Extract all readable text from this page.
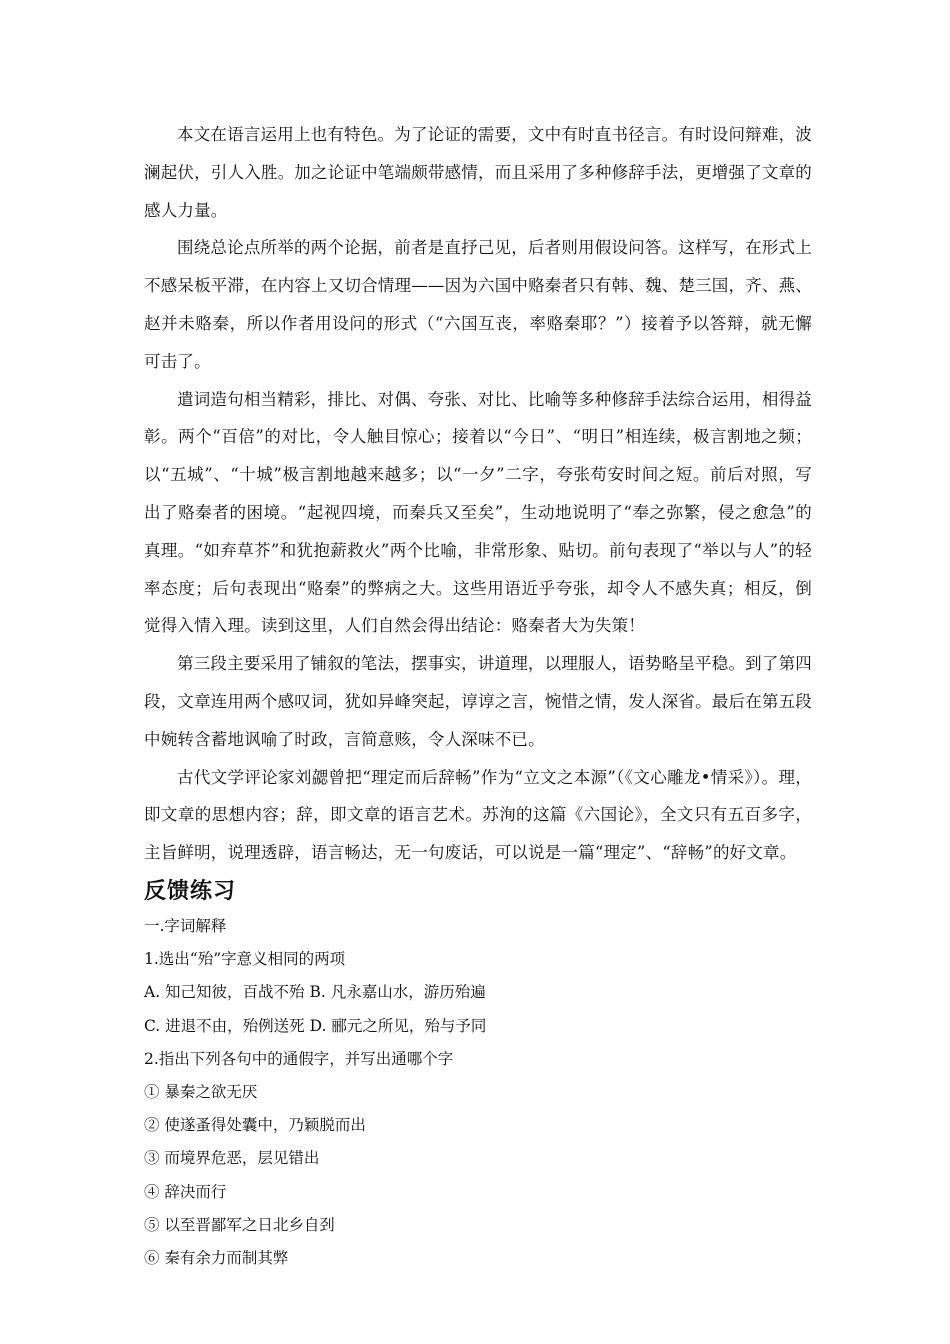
本文在语言运用上也有特色。为了论证的需要，文中有时直书径言。有时设问辩难，波澜起伏，引人入胜。加之论证中笔端颇带感情，而且采用了多种修辞手法，更增强了文章的感人力量。

围绕总论点所举的两个论据，前者是直抒己见，后者则用假设问答。这样写，在形式上不感呆板平滞，在内容上又切合情理——因为六国中赂秦者只有韩、魏、楚三国，齐、燕、赵并未赂秦，所以作者用设问的形式（“六国互丧，率赂秦耶？”）接着予以答辩，就无懈可击了。

遣词造句相当精彩，排比、对偶、夸张、对比、比喻等多种修辞手法综合运用，相得益彰。两个“百倍”的对比，令人触目惊心；接着以“今日”、“明日”相连续，极言割地之频；以“五城”、“十城”极言割地越来越多；以“一夕”二字，夸张苟安时间之短。前后对照，写出了赂秦者的困境。“起视四境，而秦兵又至矣”，生动地说明了“奉之弥繁，侵之愈急”的真理。“如弃草芥”和犹抱薪救火”两个比喻，非常形象、贴切。前句表现了“举以与人”的轻率态度；后句表现出“赂秦”的弊病之大。这些用语近乎夸张，却令人不感失真；相反，倒觉得入情入理。读到这里，人们自然会得出结论：赂秦者大为失策！

第三段主要采用了铺叙的笔法，摆事实，讲道理，以理服人，语势略呈平稳。到了第四段，文章连用两个感叹词，犹如异峰突起，谆谆之言，惋惜之情，发人深省。最后在第五段中婉转含蓄地讽喻了时政，言简意赅，令人深味不已。

古代文学评论家刘勰曾把“理定而后辞畅”作为“立文之本源”（《文心雕龙•情采》）。理，即文章的思想内容；辞，即文章的语言艺术。苏洵的这篇《六国论》，全文只有五百多字，主旨鲜明，说理透辟，语言畅达，无一句废话，可以说是一篇“理定”、“辞畅”的好文章。

反馈练习

一.字词解释

1.选出“殆”字意义相同的两项

A. 知己知彼，百战不殆 B. 凡永嘉山水，游历殆遍

C. 进退不由，殆例送死 D. 郦元之所见，殆与予同

2.指出下列各句中的通假字，并写出通哪个字

① 暴秦之欲无厌

② 使遂蚤得处囊中，乃颖脱而出

③ 而境界危恶，层见错出

④ 辞决而行

⑤ 以至晋鄙军之日北乡自刭

⑥ 秦有余力而制其弊
